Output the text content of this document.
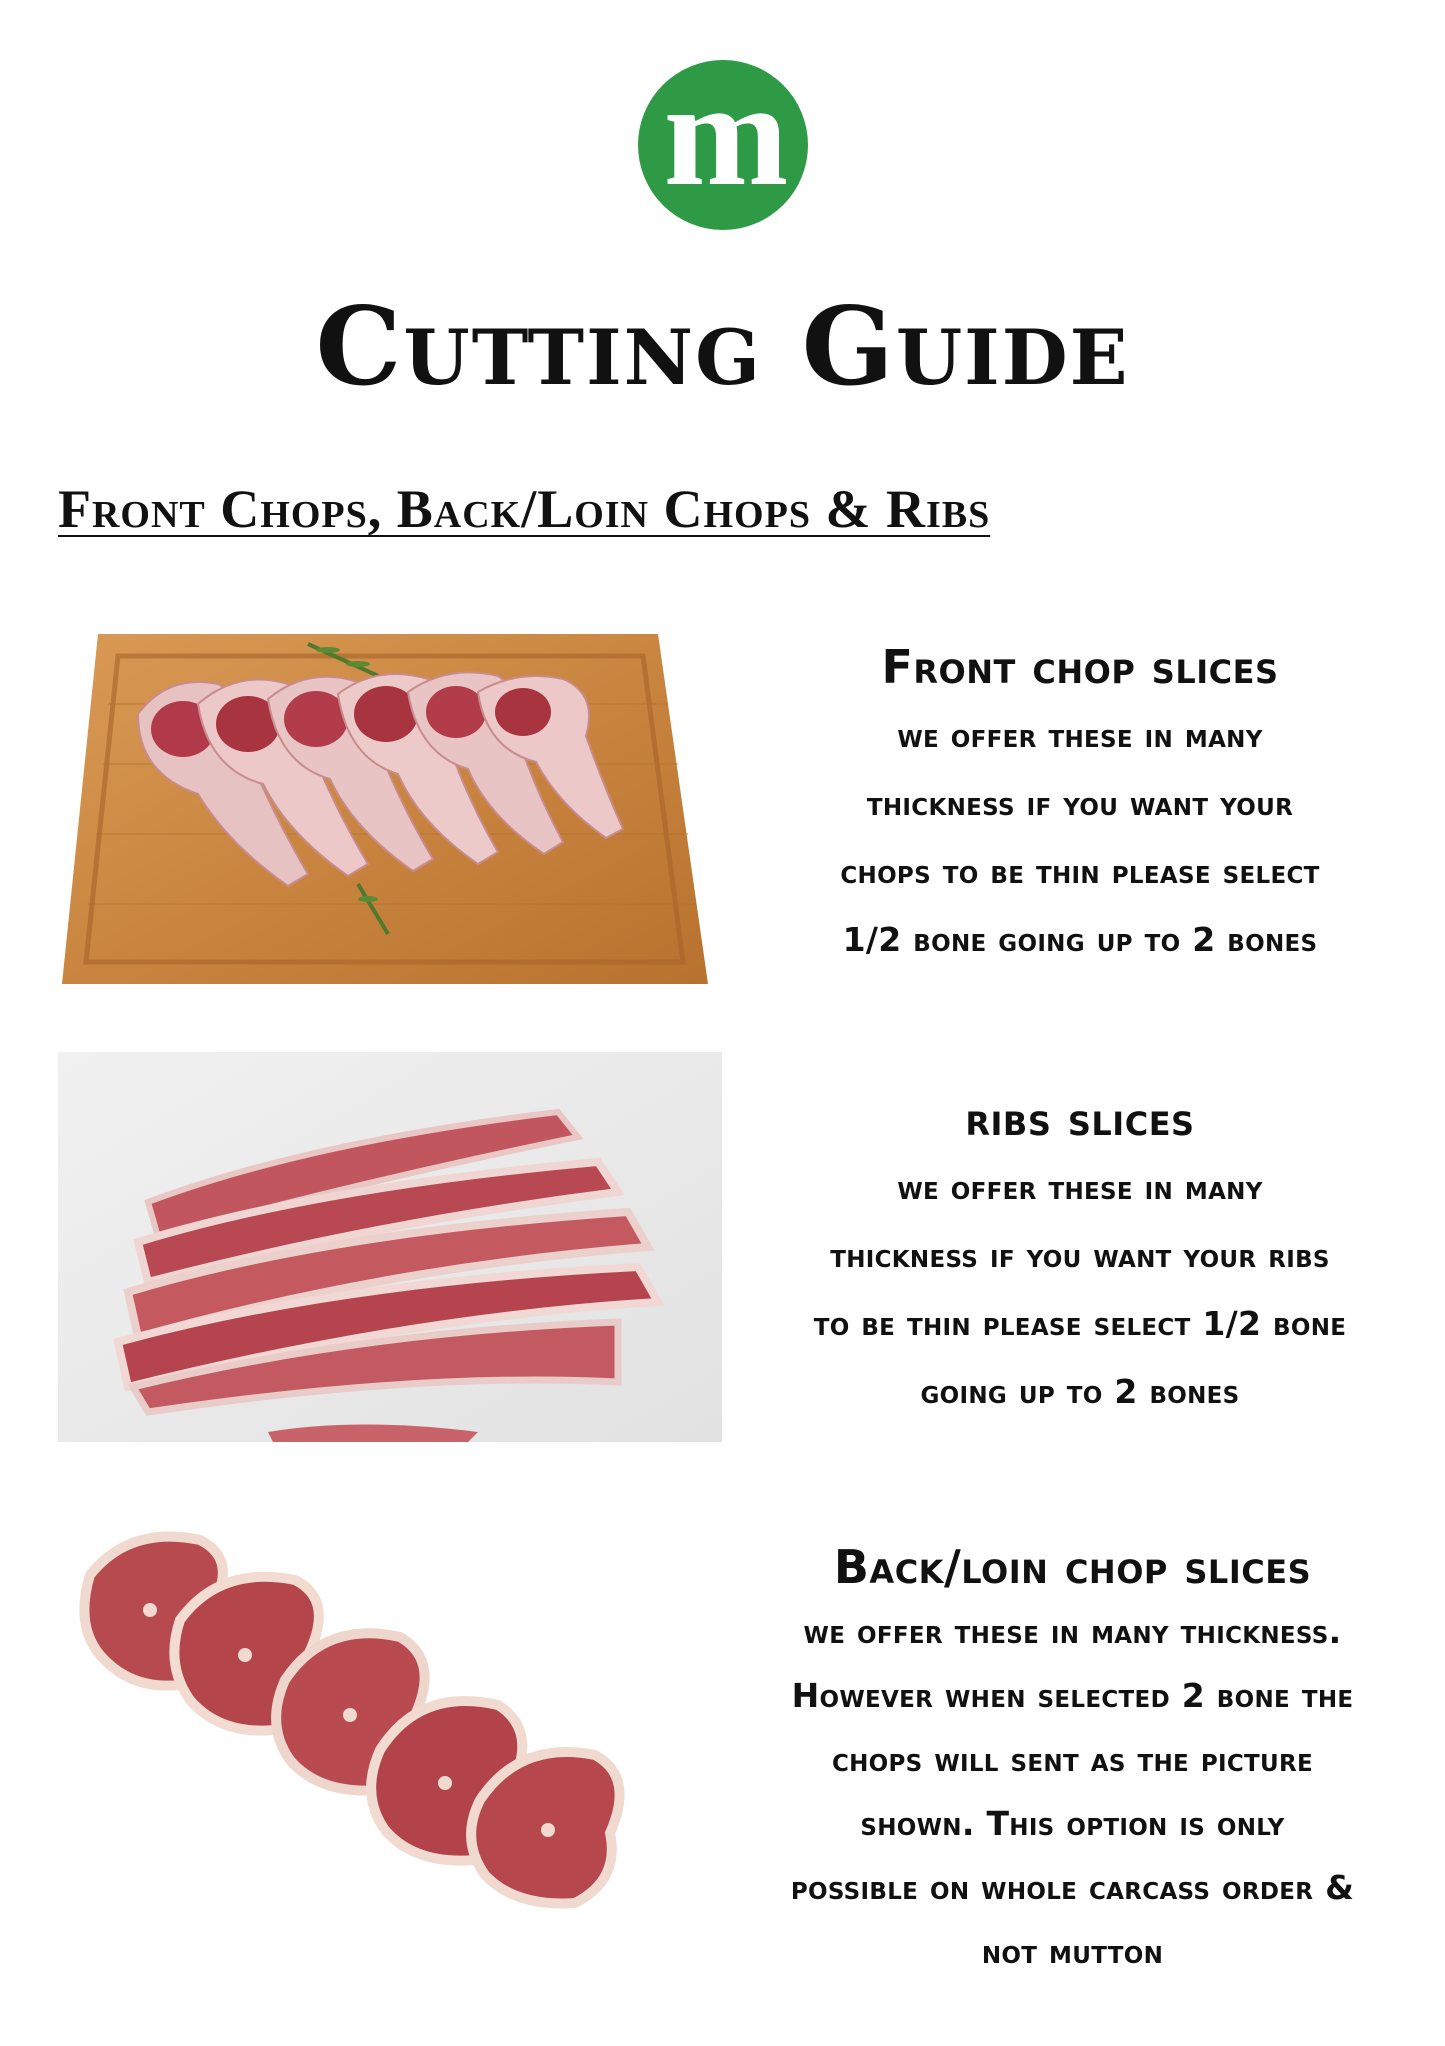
m
Cutting Guide
Front Chops, Back/Loin Chops & Ribs
Front chop slices

we offer these in many

thickness if you want your

chops to be thin please select

1/2 bone going up to 2 bones

ribs slices

we offer these in many

thickness if you want your ribs

to be thin please select 1/2 bone

going up to 2 bones

Back/loin chop slices

we offer these in many thickness.

However when selected 2 bone the

chops will sent as the picture

shown. This option is only

possible on whole carcass order &

not mutton
